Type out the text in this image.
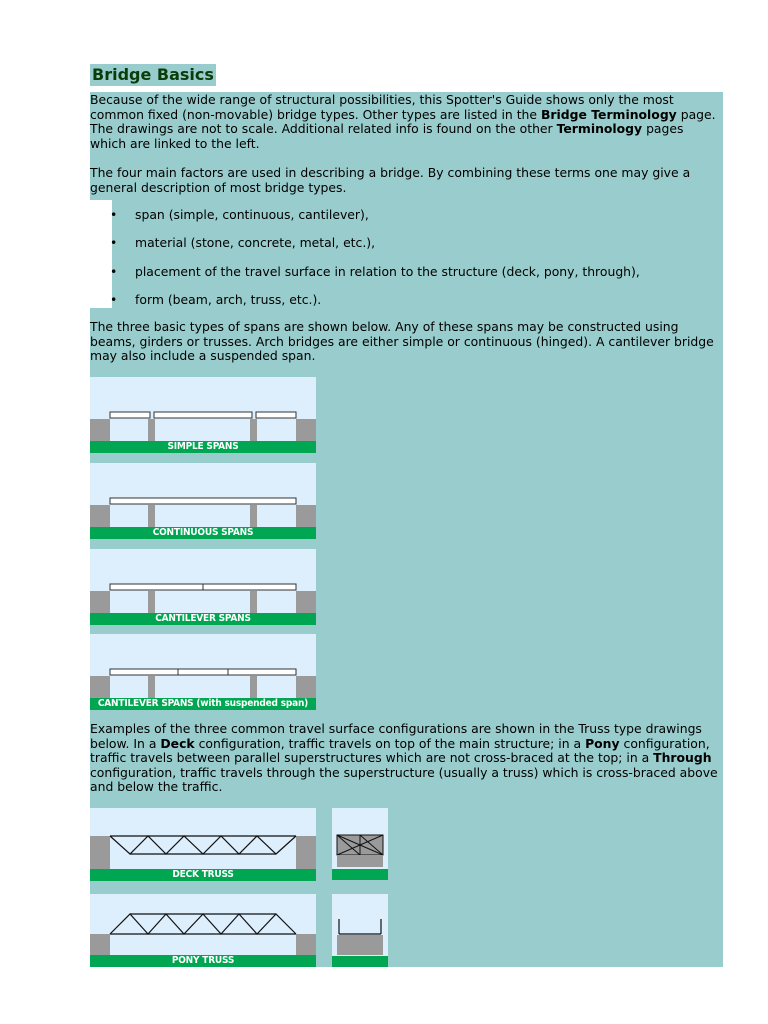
Bridge Basics

Because of the wide range of structural possibilities, this Spotter's Guide shows only the most common fixed (non-movable) bridge types. Other types are listed in the Bridge Terminology page. The drawings are not to scale. Additional related info is found on the other Terminology pages which are linked to the left.

The four main factors are used in describing a bridge. By combining these terms one may give a general description of most bridge types.

• span (simple, continuous, cantilever),
• material (stone, concrete, metal, etc.),
• placement of the travel surface in relation to the structure (deck, pony, through),
• form (beam, arch, truss, etc.).

The three basic types of spans are shown below. Any of these spans may be constructed using beams, girders or trusses. Arch bridges are either simple or continuous (hinged). A cantilever bridge may also include a suspended span.

SIMPLE SPANS
CONTINUOUS SPANS
CANTILEVER SPANS
CANTILEVER SPANS (with suspended span)

Examples of the three common travel surface configurations are shown in the Truss type drawings below. In a Deck configuration, traffic travels on top of the main structure; in a Pony configuration, traffic travels between parallel superstructures which are not cross-braced at the top; in a Through configuration, traffic travels through the superstructure (usually a truss) which is cross-braced above and below the traffic.

DECK TRUSS
PONY TRUSS
